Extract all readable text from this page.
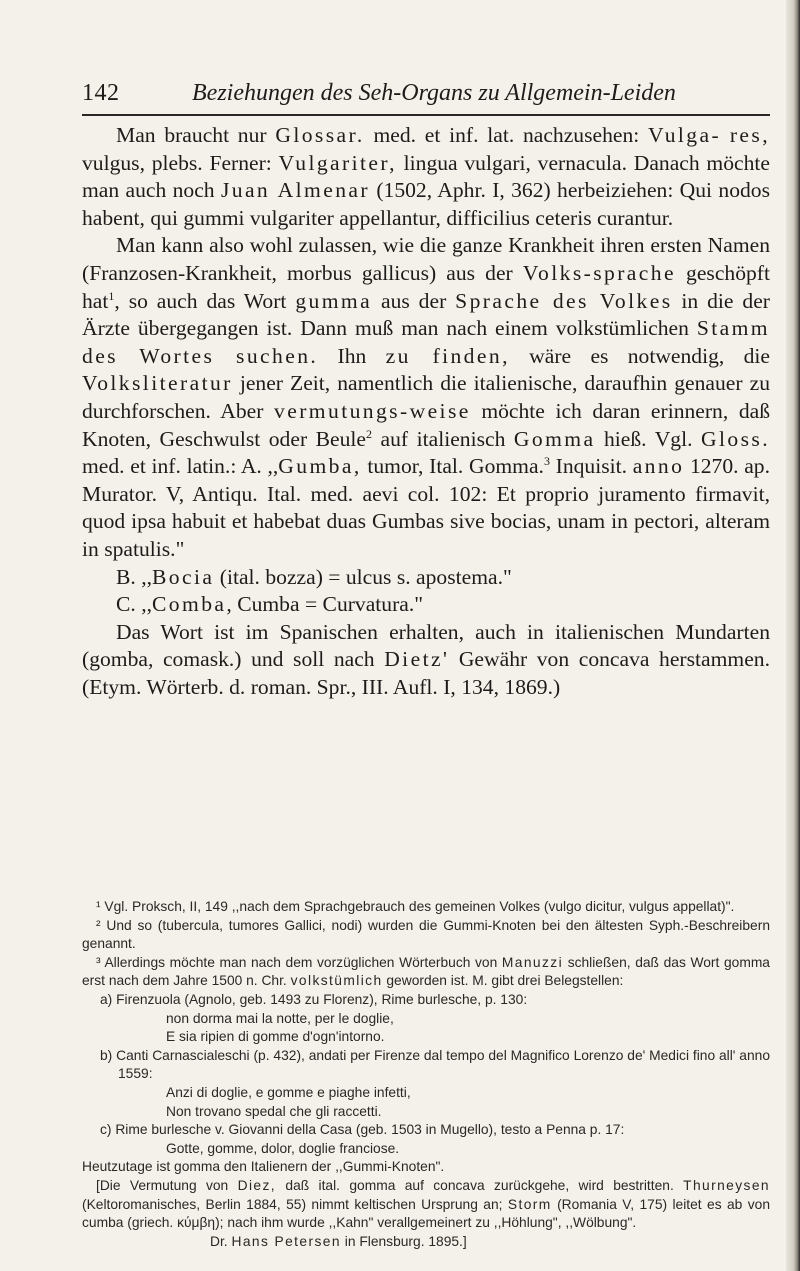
142	Beziehungen des Seh-Organs zu Allgemein-Leiden

Man braucht nur Glossar. med. et inf. lat. nachzusehen: Vulga- res, vulgus, plebs. Ferner: Vulgariter, lingua vulgari, vernacula. Danach möchte man auch noch Juan Almenar (1502, Aphr. I, 362) herbeiziehen: Qui nodos habent, qui gummi vulgariter appellantur, difficilius ceteris curantur.

Man kann also wohl zulassen, wie die ganze Krankheit ihren ersten Namen (Franzosen-Krankheit, morbus gallicus) aus der Volks-sprache geschöpft hat$^1$, so auch das Wort gumma aus der Sprache des Volkes in die der Ärzte übergegangen ist. Dann muß man nach einem volkstümlichen Stamm des Wortes suchen. Ihn zu finden, wäre es notwendig, die Volksliteratur jener Zeit, namentlich die italienische, daraufhin genauer zu durchforschen. Aber vermutungs-weise möchte ich daran erinnern, daß Knoten, Geschwulst oder Beule$^2$ auf italienisch Gomma hieß. Vgl. Gloss. med. et inf. latin.: A. ,,Gumba, tumor, Ital. Gomma.$^3$ Inquisit. anno 1270. ap. Murator. V, Antiqu. Ital. med. aevi col. 102: Et proprio juramento firmavit, quod ipsa habuit et habebat duas Gumbas sive bocias, unam in pectori, alteram in spatulis."

B. ,,Bocia (ital. bozza) = ulcus s. apostema."

C. ,,Comba, Cumba = Curvatura."

Das Wort ist im Spanischen erhalten, auch in italienischen Mundarten (gomba, comask.) und soll nach Dietz' Gewähr von concava herstammen. (Etym. Wörterb. d. roman. Spr., III. Aufl. I, 134, 1869.)

¹ Vgl. Proksch, II, 149 ,,nach dem Sprachgebrauch des gemeinen Volkes (vulgo dicitur, vulgus appellat)".

² Und so (tubercula, tumores Gallici, nodi) wurden die Gummi-Knoten bei den ältesten Syph.-Beschreibern genannt.

³ Allerdings möchte man nach dem vorzüglichen Wörterbuch von Manuzzi schließen, daß das Wort gomma erst nach dem Jahre 1500 n. Chr. volkstümlich geworden ist. M. gibt drei Belegstellen:

a) Firenzuola (Agnolo, geb. 1493 zu Florenz), Rime burlesche, p. 130:

non dorma mai la notte, per le doglie,

E sia ripien di gomme d'ogn'intorno.

b) Canti Carnascialeschi (p. 432), andati per Firenze dal tempo del Magnifico Lorenzo de' Medici fino all' anno 1559:

Anzi di doglie, e gomme e piaghe infetti,

Non trovano spedal che gli raccetti.

c) Rime burlesche v. Giovanni della Casa (geb. 1503 in Mugello), testo a Penna p. 17:

Gotte, gomme, dolor, doglie franciose.

Heutzutage ist gomma den Italienern der ,,Gummi-Knoten".

[Die Vermutung von Diez, daß ital. gomma auf concava zurückgehe, wird bestritten. Thurneysen (Keltoromanisches, Berlin 1884, 55) nimmt keltischen Ursprung an; Storm (Romania V, 175) leitet es ab von cumba (griech. κύμβη); nach ihm wurde ,,Kahn" verallgemeinert zu ,,Höhlung", ,,Wölbung".

Dr. Hans Petersen in Flensburg. 1895.]
